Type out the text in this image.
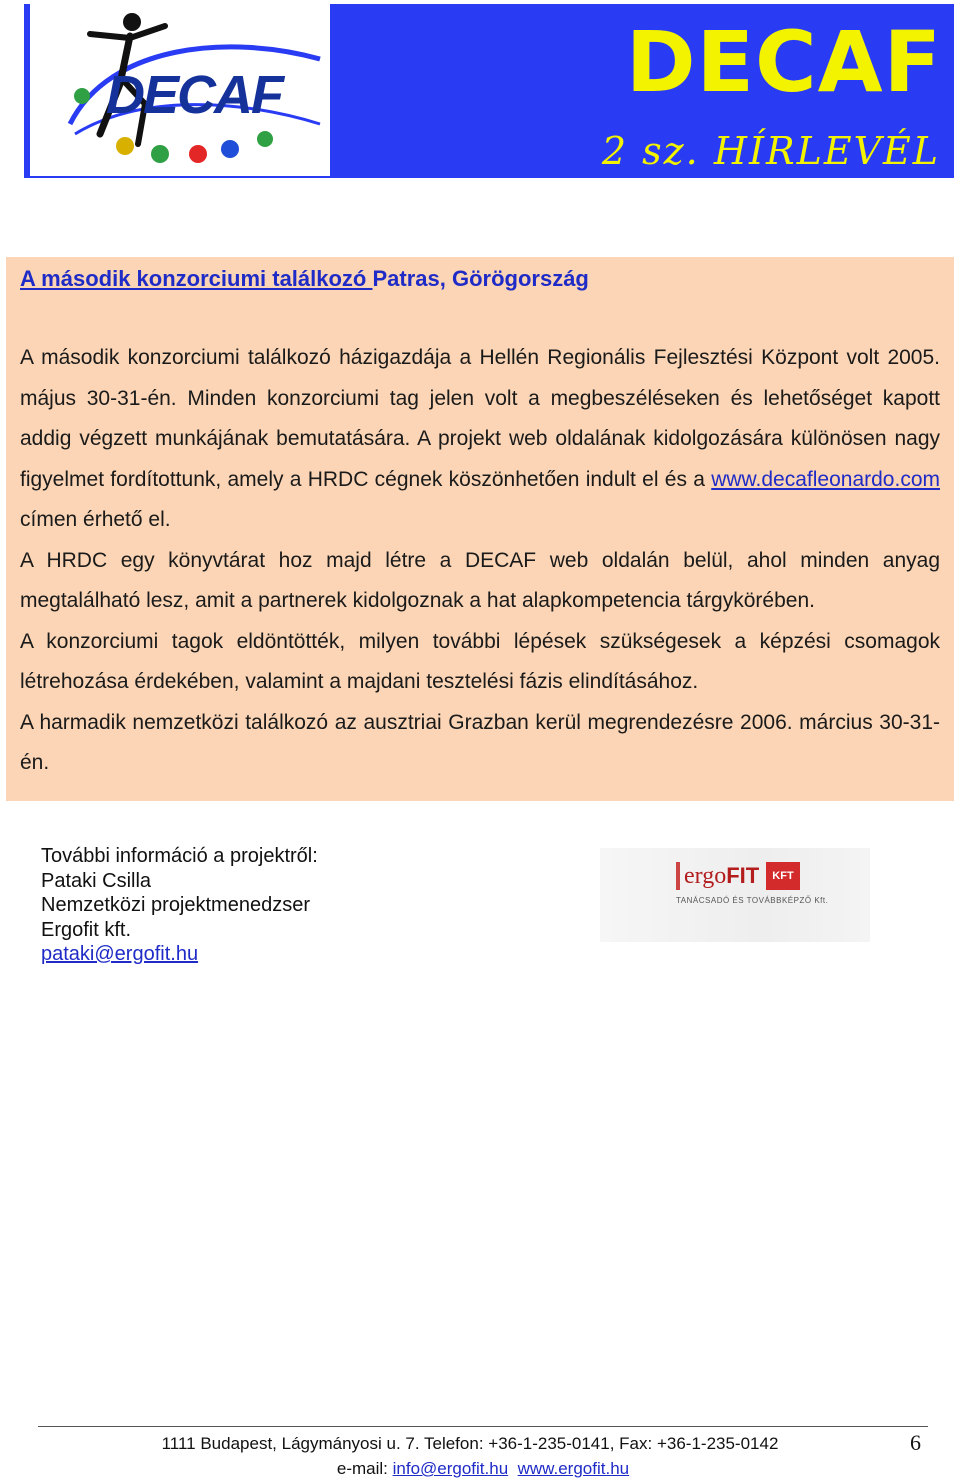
DECAF	DECAF
2 sz. HÍRLEVÉL
A második konzorciumi találkozó Patras, Görögország

A második konzorciumi találkozó házigazdája a Hellén Regionális Fejlesztési Központ volt 2005. május 30-31-én. Minden konzorciumi tag jelen volt a megbeszéléseken és lehetőséget kapott addig végzett munkájának bemutatására. A projekt web oldalának kidolgozására különösen nagy figyelmet fordítottunk, amely a HRDC cégnek köszönhetően indult el és a www.decafleonardo.com címen érhető el.

A HRDC egy könyvtárat hoz majd létre a DECAF web oldalán belül, ahol minden anyag megtalálható lesz, amit a partnerek kidolgoznak a hat alapkompetencia tárgykörében.

A konzorciumi tagok eldöntötték, milyen további lépések szükségesek a képzési csomagok létrehozása érdekében, valamint a majdani tesztelési fázis elindításához.

A harmadik nemzetközi találkozó az ausztriai Grazban kerül megrendezésre 2006. március 30-31-én.

További információ a projektről:
Pataki Csilla
Nemzetközi projektmenedzser
Ergofit kft.
pataki@ergofit.hu
ergoFIT	KFT
TANÁCSADÓ ÉS TOVÁBBKÉPZŐ Kft.
1111 Budapest, Lágymányosi u. 7. Telefon: +36-1-235-0141, Fax: +36-1-235-0142	6
e-mail: info@ergofit.hu www.ergofit.hu
